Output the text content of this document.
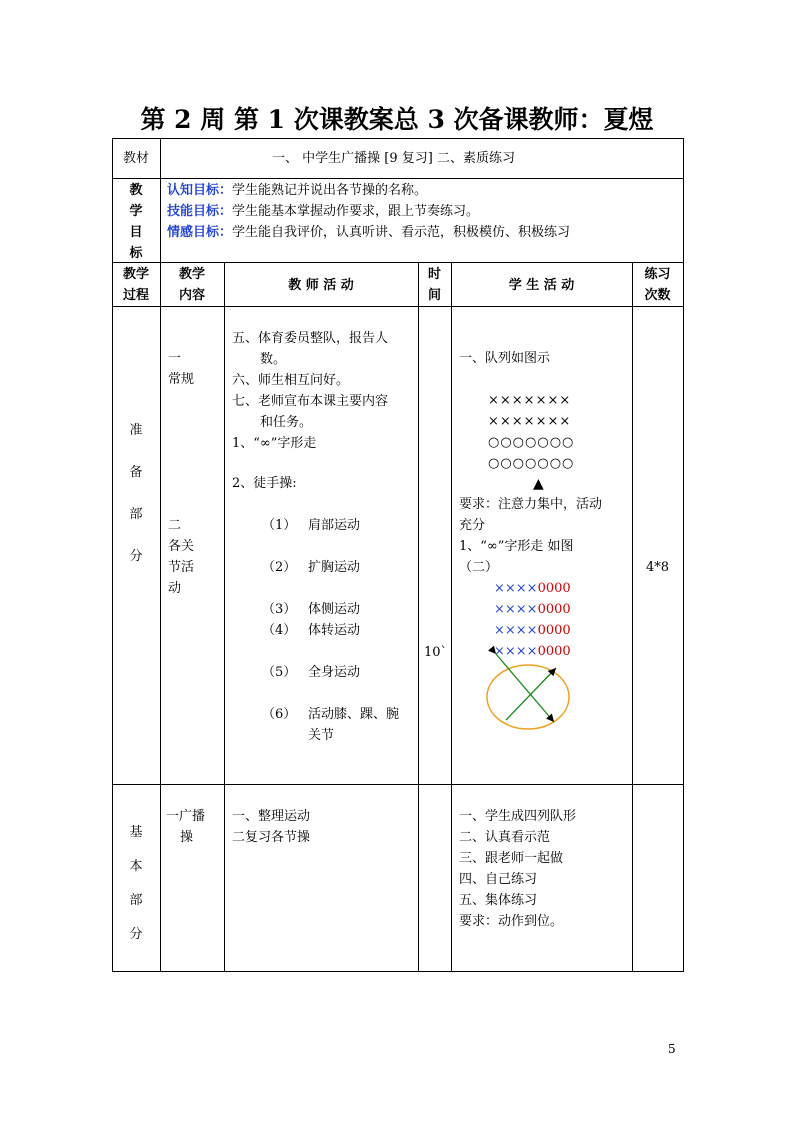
第 2 周 第 1 次课教案总 3 次备课教师：夏煜
教材	一、 中学生广播操 [9 复习] 二、素质练习
教
学
目
标
认知目标：学生能熟记并说出各节操的名称。
技能目标：学生能基本掌握动作要求，跟上节奏练习。
情感目标：学生能自我评价，认真听讲、看示范，积极模仿、积极练习
教学
过程
教学
内容
教 师 活 动
时
间
学 生 活 动
练习
次数
准
备
部
分
一
常规
二
各关
节活
动
五、体育委员整队，报告人
数。
六、师生相互问好。
七、老师宣布本课主要内容
和任务。
1、“∞”字形走
2、徒手操:
（1） 肩部运动
（2） 扩胸运动
（3） 体侧运动
（4） 体转运动
（5） 全身运动
（6） 活动膝、踝、腕
关节
10`
一、队列如图示
×××××××
×××××××
○○○○○○○
○○○○○○○
▲
要求：注意力集中，活动
充分
1、“∞”字形走 如图
（二）
××××0000
××××0000
××××0000
××××0000
4*8
基
本
部
分
一广播
操
一、整理运动
二复习各节操
一、学生成四列队形
二、认真看示范
三、跟老师一起做
四、自己练习
五、集体练习
要求：动作到位。
5
